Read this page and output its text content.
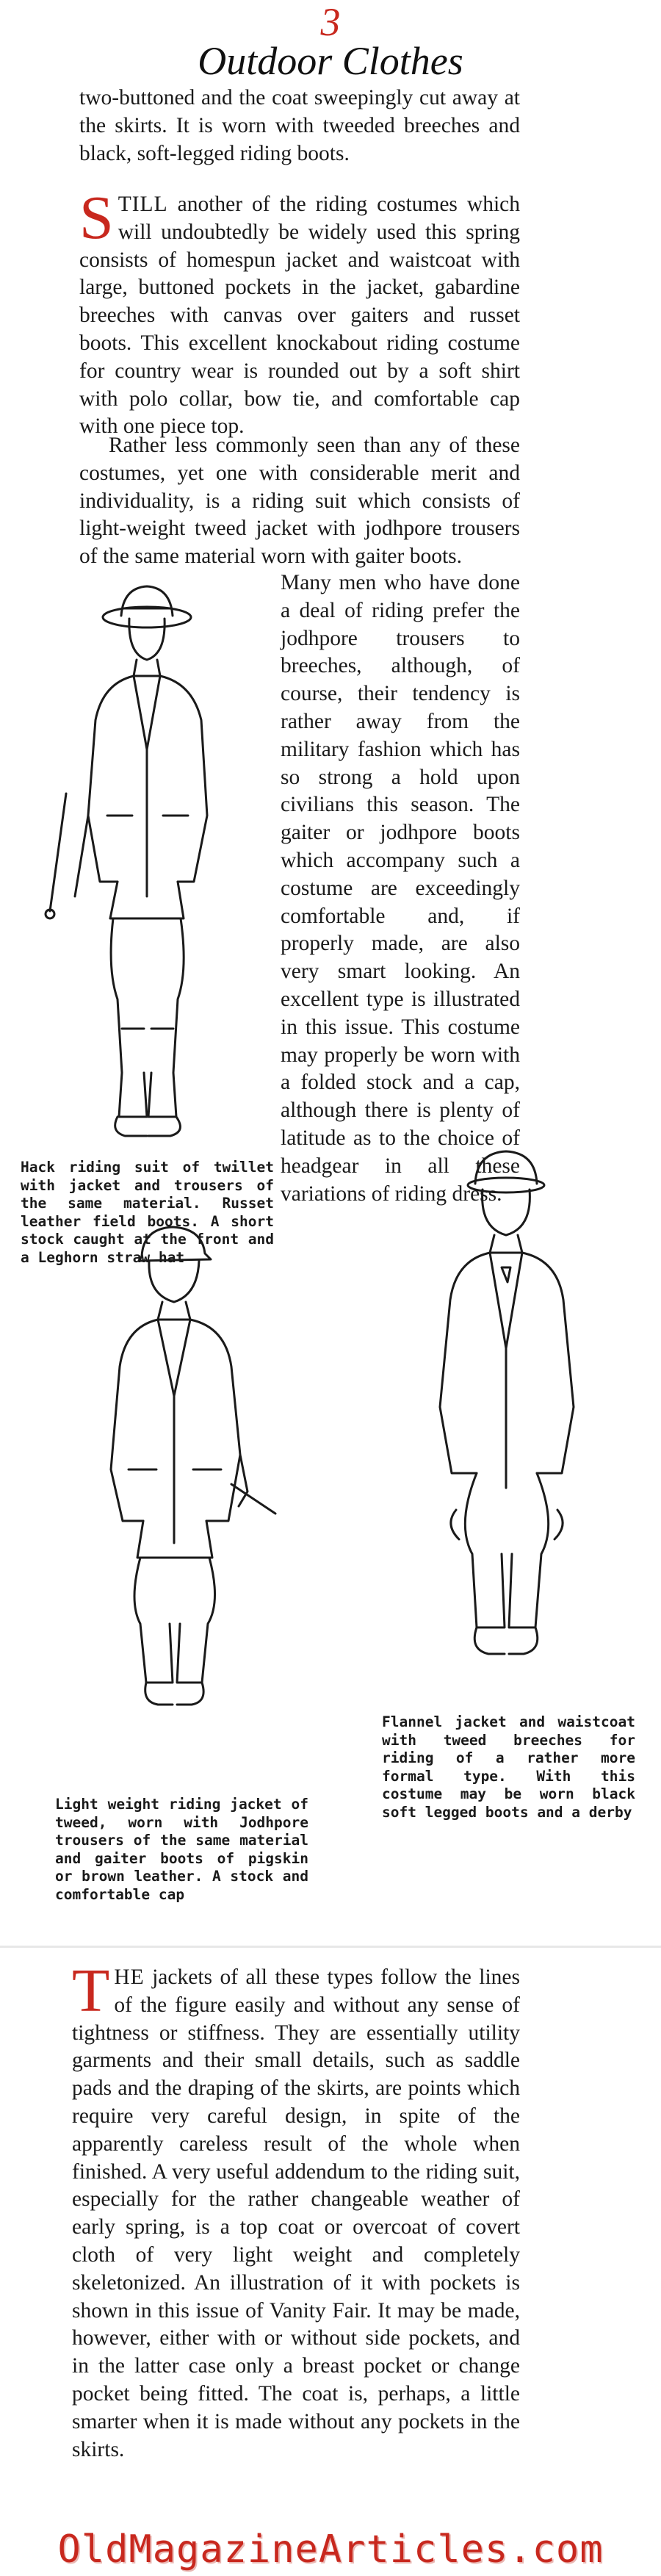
3
Outdoor Clothes

two-buttoned and the coat sweepingly cut away at the skirts. It is worn with tweeded breeches and black, soft-legged riding boots.

STILL another of the riding costumes which will undoubtedly be widely used this spring consists of homespun jacket and waistcoat with large, buttoned pockets in the jacket, gabardine breeches with canvas over gaiters and russet boots. This excellent knockabout riding costume for country wear is rounded out by a soft shirt with polo collar, bow tie, and comfortable cap with one piece top.
Rather less commonly seen than any of these costumes, yet one with considerable merit and individuality, is a riding suit which consists of light-weight tweed jacket with jodhpore trousers of the same material worn with gaiter boots.
Many men who have done a deal of riding prefer the jodhpore trousers to breeches, although, of course, their tendency is rather away from the military fashion which has so strong a hold upon civilians this season. The gaiter or jodhpore boots which accompany such a costume are exceedingly comfortable and, if properly made, are also very smart looking. An excellent type is illustrated in this issue. This costume may properly be worn with a folded stock and a cap, although there is plenty of latitude as to the choice of headgear in all these variations of riding dress.

Hack riding suit of twillet with jacket and trousers of the same material. Russet leather field boots. A short stock caught at the front and a Leghorn straw hat

Flannel jacket and waistcoat with tweed breeches for riding of a rather more formal type. With this costume may be worn black soft legged boots and a derby

Light weight riding jacket of tweed, worn with Jodhpore trousers of the same material and gaiter boots of pigskin or brown leather. A stock and comfortable cap

THE jackets of all these types follow the lines of the figure easily and without any sense of tightness or stiffness. They are essentially utility garments and their small details, such as saddle pads and the draping of the skirts, are points which require very careful design, in spite of the apparently careless result of the whole when finished. A very useful addendum to the riding suit, especially for the rather changeable weather of early spring, is a top coat or overcoat of covert cloth of very light weight and completely skeletonized. An illustration of it with pockets is shown in this issue of Vanity Fair. It may be made, however, either with or without side pockets, and in the latter case only a breast pocket or change pocket being fitted. The coat is, perhaps, a little smarter when it is made without any pockets in the skirts.
OldMagazineArticles.com
